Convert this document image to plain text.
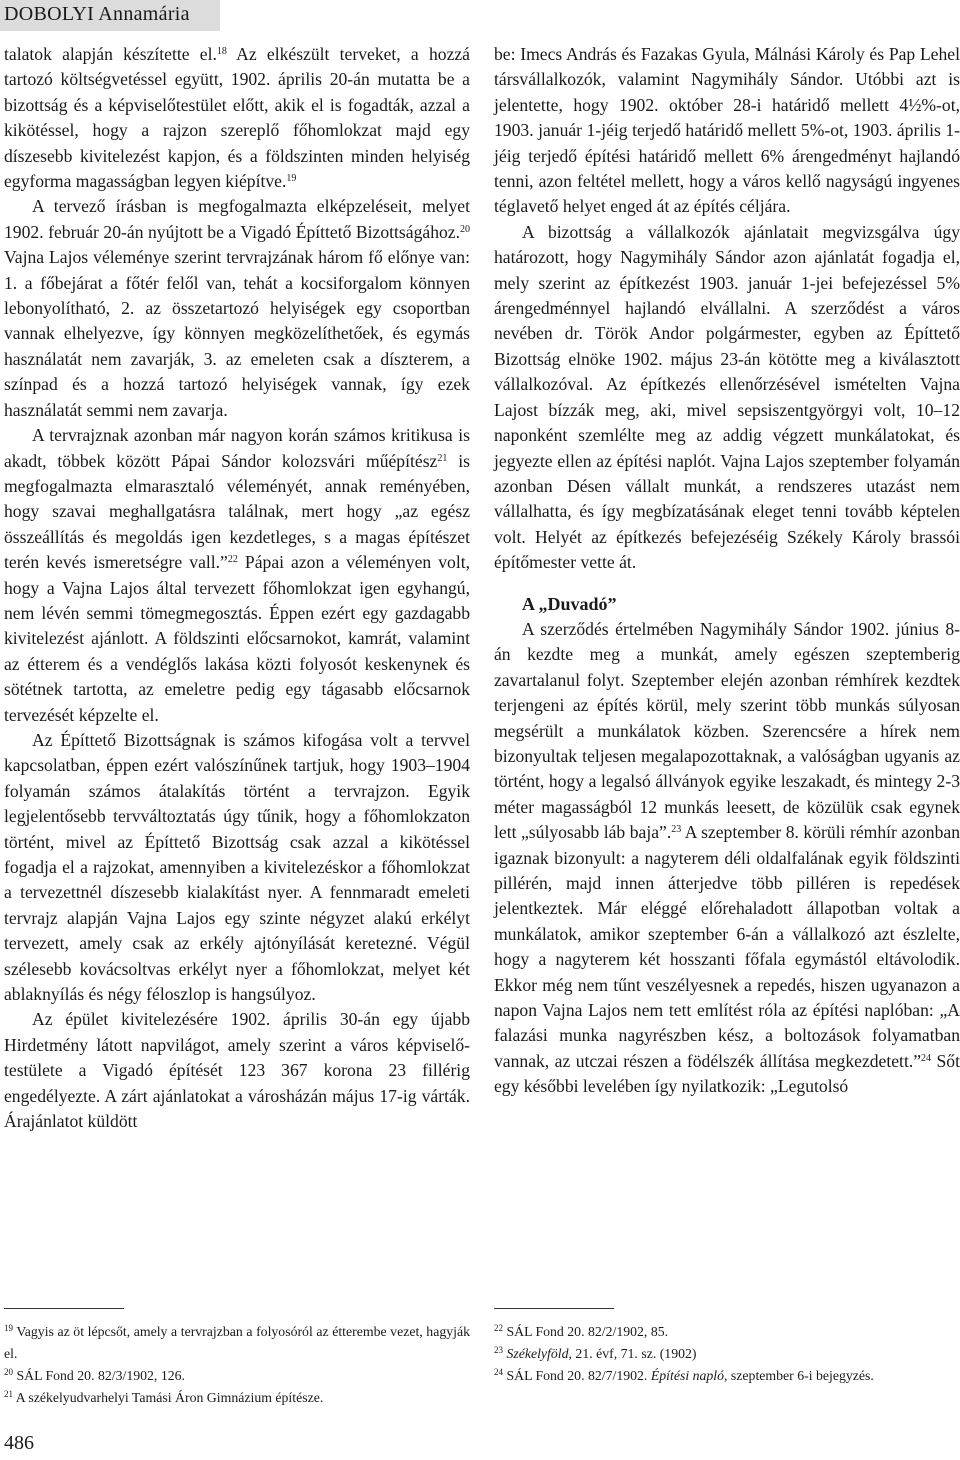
DOBOLYI Annamária

talatok alapján készítette el.$^{18}$ Az elkészült terveket, a hozzá tartozó költségvetéssel együtt, 1902. április 20-án mutatta be a bizottság és a képviselőtestület előtt, akik el is fogadták, azzal a kikötéssel, hogy a rajzon szereplő főhomlokzat majd egy díszesebb kivitelezést kapjon, és a földszinten minden helyiség egyforma magasságban legyen kiépítve.$^{19}$

A tervező írásban is megfogalmazta elképzeléseit, melyet 1902. február 20-án nyújtott be a Vigadó Építtető Bizottságához.$^{20}$ Vajna Lajos véleménye szerint tervrajzának három fő előnye van: 1. a főbejárat a főtér felől van, tehát a kocsiforgalom könnyen lebonyolítható, 2. az összetartozó helyiségek egy csoportban vannak elhelyezve, így könnyen megközelíthetőek, és egymás használatát nem zavarják, 3. az emeleten csak a díszterem, a színpad és a hozzá tartozó helyiségek vannak, így ezek használatát semmi nem zavarja.

A tervrajznak azonban már nagyon korán számos kritikusa is akadt, többek között Pápai Sándor kolozsvári műépítész$^{21}$ is megfogalmazta elmarasztaló véleményét, annak reményében, hogy szavai meghallgatásra találnak, mert hogy „az egész összeállítás és megoldás igen kezdetleges, s a magas építészet terén kevés ismeretségre vall.”$^{22}$ Pápai azon a véleményen volt, hogy a Vajna Lajos által tervezett főhomlokzat igen egyhangú, nem lévén semmi tömegmegosztás. Éppen ezért egy gazdagabb kivitelezést ajánlott. A földszinti előcsarnokot, kamrát, valamint az étterem és a vendéglős lakása közti folyosót keskenynek és sötétnek tartotta, az emeletre pedig egy tágasabb előcsarnok tervezését képzelte el.

Az Építtető Bizottságnak is számos kifogása volt a tervvel kapcsolatban, éppen ezért valószínűnek tartjuk, hogy 1903–1904 folyamán számos átalakítás történt a tervrajzon. Egyik legjelentősebb tervváltoztatás úgy tűnik, hogy a főhomlokzaton történt, mivel az Építtető Bizottság csak azzal a kikötéssel fogadja el a rajzokat, amennyiben a kivitelezéskor a főhomlokzat a tervezettnél díszesebb kialakítást nyer. A fennmaradt emeleti tervrajz alapján Vajna Lajos egy szinte négyzet alakú erkélyt tervezett, amely csak az erkély ajtónyílását keretezné. Végül szélesebb kovácsoltvas erkélyt nyer a főhomlokzat, melyet két ablaknyílás és négy féloszlop is hangsúlyoz.

Az épület kivitelezésére 1902. április 30-án egy újabb Hirdetmény látott napvilágot, amely szerint a város képviselő-testülete a Vigadó építését 123 367 korona 23 fillérig engedélyezte. A zárt ajánlatokat a városházán május 17-ig várták. Árajánlatot küldött

be: Imecs András és Fazakas Gyula, Málnási Károly és Pap Lehel társvállalkozók, valamint Nagymihály Sándor. Utóbbi azt is jelentette, hogy 1902. október 28-i határidő mellett 4½%-ot, 1903. január 1-jéig terjedő határidő mellett 5%-ot, 1903. április 1-jéig terjedő építési határidő mellett 6% árengedményt hajlandó tenni, azon feltétel mellett, hogy a város kellő nagyságú ingyenes téglavető helyet enged át az építés céljára.

A bizottság a vállalkozók ajánlatait megvizsgálva úgy határozott, hogy Nagymihály Sándor azon ajánlatát fogadja el, mely szerint az építkezést 1903. január 1-jei befejezéssel 5% árengedménnyel hajlandó elvállalni. A szerződést a város nevében dr. Török Andor polgármester, egyben az Építtető Bizottság elnöke 1902. május 23-án kötötte meg a kiválasztott vállalkozóval. Az építkezés ellenőrzésével ismételten Vajna Lajost bízzák meg, aki, mivel sepsiszentgyörgyi volt, 10–12 naponként szemlélte meg az addig végzett munkálatokat, és jegyezte ellen az építési naplót. Vajna Lajos szeptember folyamán azonban Désen vállalt munkát, a rendszeres utazást nem vállalhatta, és így megbízatásának eleget tenni tovább képtelen volt. Helyét az építkezés befejezéséig Székely Károly brassói építőmester vette át.

A „Duvadó”

A szerződés értelmében Nagymihály Sándor 1902. június 8-án kezdte meg a munkát, amely egészen szeptemberig zavartalanul folyt. Szeptember elején azonban rémhírek kezdtek terjengeni az építés körül, mely szerint több munkás súlyosan megsérült a munkálatok közben. Szerencsére a hírek nem bizonyultak teljesen megalapozottaknak, a valóságban ugyanis az történt, hogy a legalsó állványok egyike leszakadt, és mintegy 2-3 méter magasságból 12 munkás leesett, de közülük csak egynek lett „súlyosabb láb baja”.$^{23}$ A szeptember 8. körüli rémhír azonban igaznak bizonyult: a nagyterem déli oldalfalának egyik földszinti pillérén, majd innen átterjedve több pilléren is repedések jelentkeztek. Már eléggé előrehaladott állapotban voltak a munkálatok, amikor szeptember 6-án a vállalkozó azt észlelte, hogy a nagyterem két hosszanti főfala egymástól eltávolodik. Ekkor még nem tűnt veszélyesnek a repedés, hiszen ugyanazon a napon Vajna Lajos nem tett említést róla az építési naplóban: „A falazási munka nagyrészben kész, a boltozások folyamatban vannak, az utczai részen a födélszék állítása megkezdetett.”$^{24}$ Sőt egy későbbi levelében így nyilatkozik: „Legutolsó

$^{19}$ Vagyis az öt lépcsőt, amely a tervrajzban a folyosóról az étterembe vezet, hagyják el.

$^{20}$ SÁL Fond 20. 82/3/1902, 126.

$^{21}$ A székelyudvarhelyi Tamási Áron Gimnázium építésze.

$^{22}$ SÁL Fond 20. 82/2/1902, 85.

$^{23}$ Székelyföld, 21. évf, 71. sz. (1902)

$^{24}$ SÁL Fond 20. 82/7/1902. Építési napló, szeptember 6-i bejegyzés.

486
